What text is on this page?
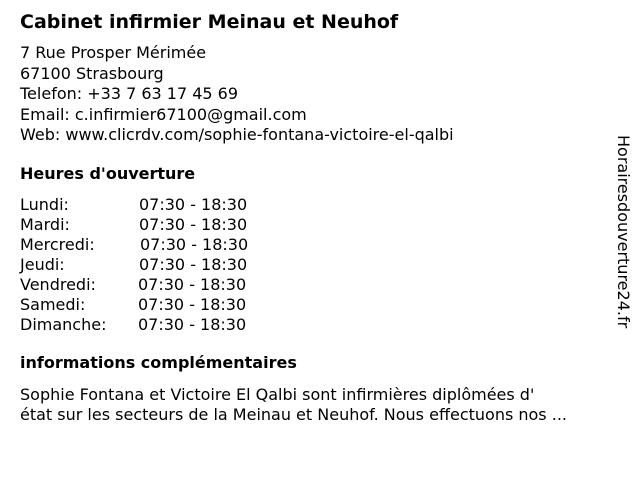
Cabinet infirmier Meinau et Neuhof
7 Rue Prosper Mérimée
67100 Strasbourg
Telefon: +33 7 63 17 45 69
Email: c.infirmier67100@gmail.com
Web: www.clicrdv.com/sophie-fontana-victoire-el-qalbi
Heures d'ouverture
Lundi:	07:30 - 18:30
Mardi:	07:30 - 18:30
Mercredi:	07:30 - 18:30
Jeudi:	07:30 - 18:30
Vendredi:	07:30 - 18:30
Samedi:	07:30 - 18:30
Dimanche: 07:30 - 18:30
informations complémentaires
Sophie Fontana et Victoire El Qalbi sont infirmières diplômées d'
état sur les secteurs de la Meinau et Neuhof. Nous effectuons nos ...
Horairesdouverture24.fr
